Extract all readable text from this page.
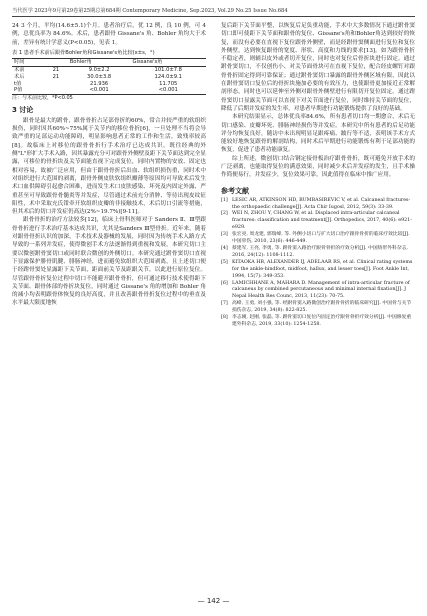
当代医学 2023年9月第29卷第25期总第684期 Contemporary Medicine, Sep.2023, Vol.29 No.25 Issue No.684

24 3 个月，平均(14.6±5.1)个月。患者治疗后，优 12 例，良 10 例，可 4 例，总优良率为 84.6%。术后，患者跟骨 Gissane's 角、Bohler 角均大于术前，差异有统计学意义(P<0.05)，见表 1。

表 1 患者手术前后跟骨Bohler角和Gissane's角比较(x±s，°)
时间		Bohler角	Gissane's角
术前	21	9.0±2.2	101.0±7.8
术后	21	30.0±3.8	124.0±9.1
t值		21.936	11.705
P值		<0.001	<0.001
注：与术前比较，*P<0.05
3 讨论

跟骨是最大的跗骨，跟骨骨折占足部骨折的60%，常合并较严重的软组织损伤，同时因其60%~75%属于关节内的移位骨折[6]，一旦处理不当将会导致严重的足部运动功能障碍，明显影响患者正常的工作和生活，致残率较高[8]。故临床上对移位的跟骨骨折行手术治疗已达成共识。既往经典的外侧"L"形扩大手术入路，因其暴露充分可对跟骨外侧壁及距下关节面达到完全显露，可移位的骨折块及关节面能直视下完成复位，同时内置物的安放、固定也相对容易，故被广泛应用，但由于跟骨骨折后出血、软组织损伤重，同时术中对组织进行大范围的剥离，跟骨外侧皮肤软组织瓣薄等原因均可导致术后发生术口血供障碍引起愈合困难，进而发生术口皮肤感染、坏死及内固定外露，严重甚至可导致跟骨骨髓炎等并发症，尽管通过术前充分消肿、等待出现皮纹征阳性，术中采取充氏钳牵开软组织皮瓣的非接触技术，术后切口引流等措施，但其术后的切口并发症仍高达(2%~19.7%)[9-11]。

跟骨骨折的治疗方法较多[12]，临床上骨科医师对于 Sanders Ⅱ、Ⅲ型跟骨骨折进行手术治疗基本达成共识，尤其是Sanders Ⅲ型骨折。近年来，随着对跟骨骨折认识的加深，手术技术及器械的发展，同时因为传统手术入路方式导致的一系列并发症，使得微创手术方法逐渐得到重视和发展，本研究切口主要以微创跗骨窦切口或同时联合微创的外侧切口。本研究通过跗骨窦切口直视下显露保护腓骨肌腱、腓肠神经，进而避免软组织大范围剥离，且上述切口便于经跗骨窦处显露距下关节面，距面前关节及距跟关节，以此进行原位复位。尽管跟骨骨折复位过程中切口不能避开跟骨骨折，但可通过移行技术使得距下关节面、跟骨体部的骨折块复位，同时通过 Gissane's 角的增加和 Bohler 角的减小均表明跟骨体恢复的良好高度，并且改善跟骨骨折复位过程中的垂直及水平最大限度地恢

复后距下关节面平整，以恢复后足负重功能，手术中大多数情况下通过跗骨窦切口即可使距下关节面和跟骨的复位、Gissane's角和Bohler角达到较好的恢复，而没有必要在直视下复位跟骨外侧壁，而是经跗骨窦侧面进行复位和复位外侧壁，达到恢复跟骨的宽度、形状、高度和力线的要求[13]。如为跟骨骨折不稳定者，则辅以皮外或者切开复位，同时也对复位后骨折块进行固定。通过跗骨窦切口，不仅创伤小、对关节面骨块可在直视下复位，配合经皮螺钉对跟骨骨折固定得到可靠保证；通过跗骨窦切口暴露的跟骨外侧区域有限，因此以在跗骨窦切口复位后的骨折块施加必要的有效压力，也使跟骨更加接近正常解剖形态，同时也可以延伸至外侧对跟骨外侧壁进行有限切开复位固定。通过跗骨窦切口显露关节面可以直视下对关节面进行复位，同时维持关节面的复位，降低了后期并发症的发生率，对患者早期进行功能锻炼提供了良好的基础。

本研究结果显示，总体优良率84.6%，所有患者切口均一期愈合，术后无切口感染、皮瓣坏死、腓肠神经损伤等并发症。本研究中所有患者的后足功能评分均恢复良好，随访中未出现明显足跟疼痛、跛行等不适，表明该手术方式能较好地恢复跟骨的解剖结构，同时术后早期进行功能锻炼有利于足部功能的恢复，促进了患者功能康复。

综上所述，微创切口结合钢定接骨板治疗跟骨骨折，既可避免开放手术的广泛剥离，也能取得复位的满意效果，同时减少术后并发症的发生，且手术操作简便易行，并发症少，复位效果可靠，因此值得在临床中推广应用。

参考文献
[1] LESIC AR, ATKINSON HD, BUMBASIREVIC V, et al. Calcaneal fractures-the orthopaedic challenge[J]. Acta Chir Iugosl, 2012, 59(3): 33-39.
[2] WEI N, ZHOU Y, CHANG W, et al. Displaced intra-articular calcaneal fractures: classification and treatment[J]. Orthopedics, 2017, 40(6): e921-e929.
[3] 张宏亮, 周龙建, 郭瑞峰, 等. 外侧小切口与扩大切口治疗跟骨骨折的临床疗效比较[J]. 中国骨伤, 2010, 23(6): 446-449.
[4] 蔡建军, 王亮, 李勇, 等. 跗骨窦入路治疗跟骨骨折的疗效分析[J]. 中国矫形外科杂志, 2016, 24(12): 1108-1112.
[5] KITAOKA HB, ALEXANDER IJ, ADELAAR RS, et al. Clinical rating systems for the ankle-hindfoot, midfoot, hallux, and lesser toes[J]. Foot Ankle Int, 1994, 15(7): 349-353.
[6] LAMICHHANE A, MAHARA D. Management of intra-articular fracture of calcaneus by combined percutaneous and minimal internal fixation[J]. J Nepal Health Res Counc, 2013, 11(23): 70-75.
[7] 高峰, 王勇, 刘小强, 等. 经跗骨窦入路微创治疗跟骨骨折的临床研究[J]. 中国骨与关节损伤杂志, 2019, 34(8): 822-825.
[8] 李志刚, 赵刚, 张磊, 等. 跗骨窦切口复位内固定治疗跟骨骨折疗效分析[J]. 中国修复重建外科杂志, 2019, 33(10): 1254-1258.
— 142 —
